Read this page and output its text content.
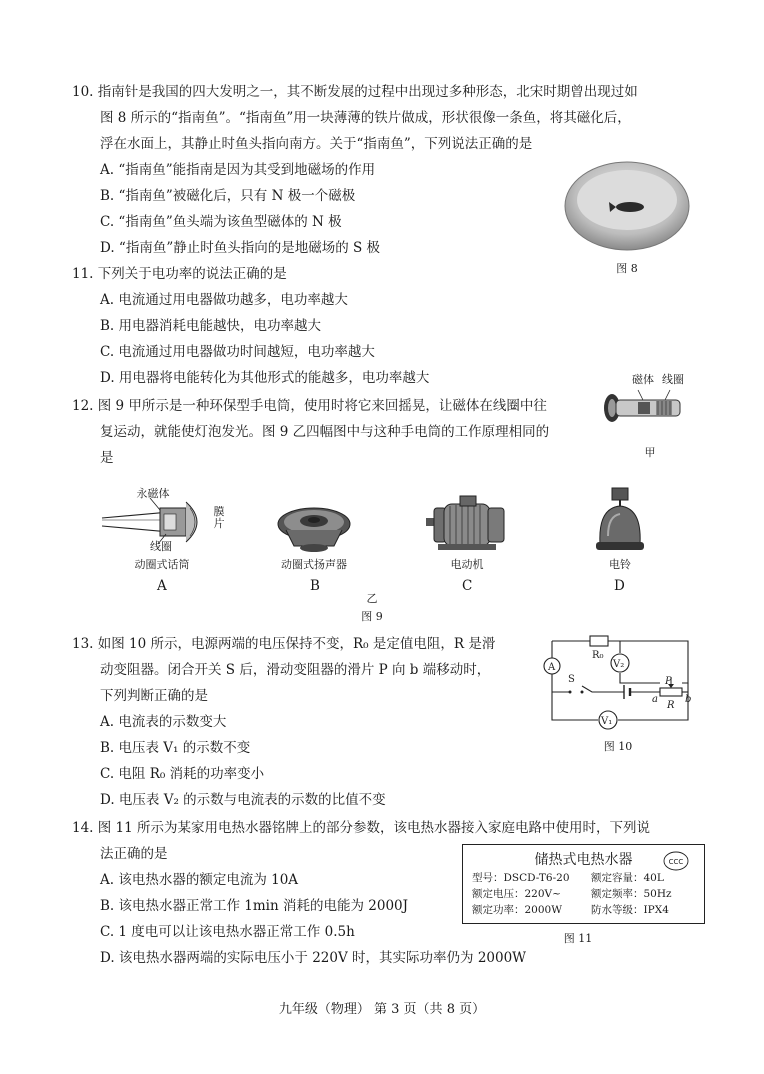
10. 指南针是我国的四大发明之一，其不断发展的过程中出现过多种形态，北宋时期曾出现过如
图 8 所示的“指南鱼”。“指南鱼”用一块薄薄的铁片做成，形状很像一条鱼，将其磁化后，
浮在水面上，其静止时鱼头指向南方。关于“指南鱼”，下列说法正确的是
A. “指南鱼”能指南是因为其受到地磁场的作用
B. “指南鱼”被磁化后，只有 N 极一个磁极
C. “指南鱼”鱼头端为该鱼型磁体的 N 极
D. “指南鱼”静止时鱼头指向的是地磁场的 S 极
图 8
11. 下列关于电功率的说法正确的是
A. 电流通过用电器做功越多，电功率越大
B. 用电器消耗电能越快，电功率越大
C. 电流通过用电器做功时间越短，电功率越大
D. 用电器将电能转化为其他形式的能越多，电功率越大
12. 图 9 甲所示是一种环保型手电筒，使用时将它来回摇晃，让磁体在线圈中往
复运动，就能使灯泡发光。图 9 乙四幅图中与这种手电筒的工作原理相同的
是
磁体 线圈
甲
永磁体
膜片
线圈
动圈式话筒
A
动圈式扬声器
B
电动机
C
电铃
D
乙
图 9
13. 如图 10 所示，电源两端的电压保持不变，R₀ 是定值电阻，R 是滑
动变阻器。闭合开关 S 后，滑动变阻器的滑片 P 向 b 端移动时，
下列判断正确的是
A. 电流表的示数变大
B. 电压表 V₁ 的示数不变
C. 电阻 R₀ 消耗的功率变小
D. 电压表 V₂ 的示数与电流表的示数的比值不变
R₀
A	V₂
V₁
S	P
R
a	b
图 10
14. 图 11 所示为某家用电热水器铭牌上的部分参数，该电热水器接入家庭电路中使用时，下列说
法正确的是
A. 该电热水器的额定电流为 10A
B. 该电热水器正常工作 1min 消耗的电能为 2000J
C. 1 度电可以让该电热水器正常工作 0.5h
D. 该电热水器两端的实际电压小于 220V 时，其实际功率仍为 2000W
储热式电热水器	CCC
型号：DSCD-T6-20 额定容量：40L
额定电压：220V~	额定频率：50Hz
额定功率：2000W	防水等级：IPX4
图 11
九年级（物理） 第 3 页（共 8 页）
